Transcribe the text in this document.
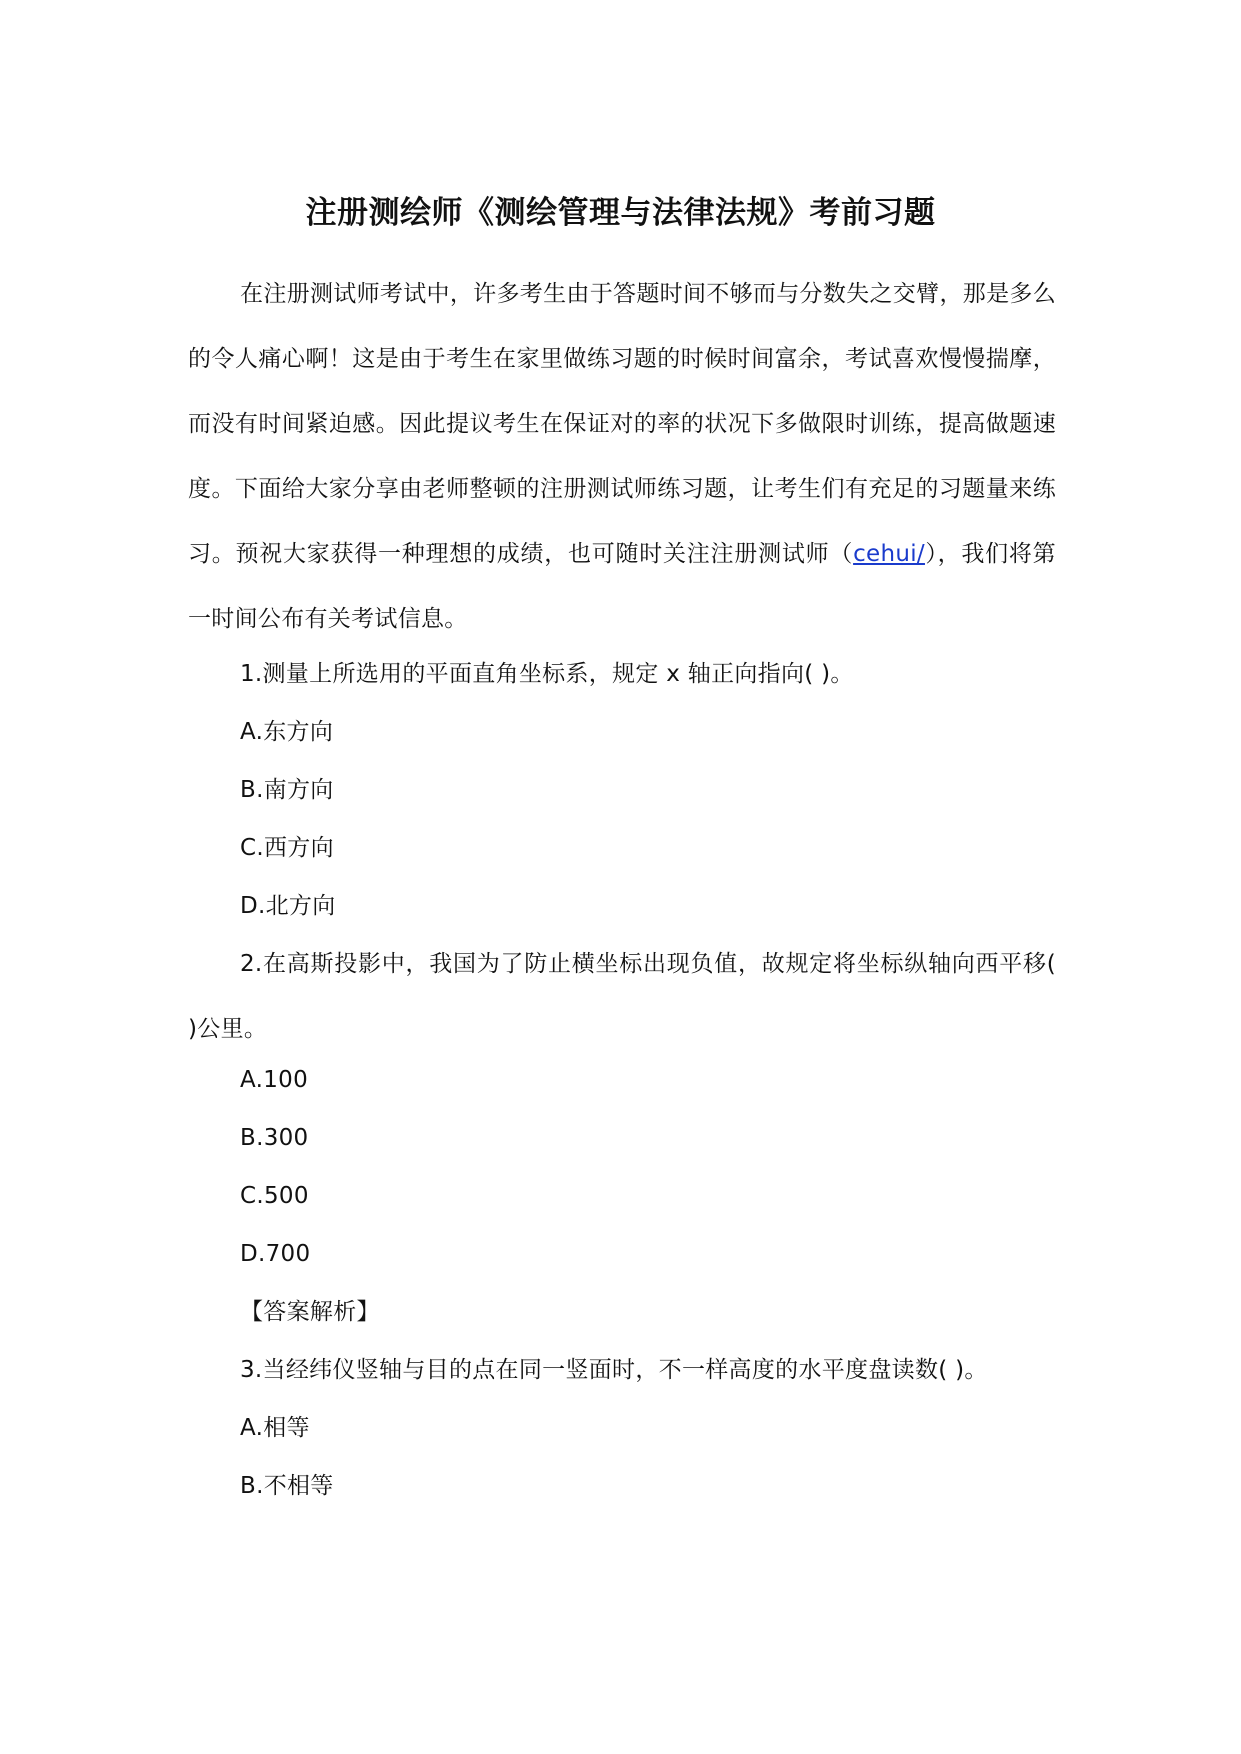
注册测绘师《测绘管理与法律法规》考前习题

在注册测试师考试中，许多考生由于答题时间不够而与分数失之交臂，那是多么的令人痛心啊！这是由于考生在家里做练习题的时候时间富余，考试喜欢慢慢揣摩，而没有时间紧迫感。因此提议考生在保证对的率的状况下多做限时训练，提高做题速度。下面给大家分享由老师整顿的注册测试师练习题，让考生们有充足的习题量来练习。预祝大家获得一种理想的成绩，也可随时关注注册测试师（cehui/），我们将第一时间公布有关考试信息。

1.测量上所选用的平面直角坐标系，规定 x 轴正向指向( )。

A.东方向

B.南方向

C.西方向

D.北方向

2.在高斯投影中，我国为了防止横坐标出现负值，故规定将坐标纵轴向西平移( )公里。

A.100

B.300

C.500

D.700

【答案解析】

3.当经纬仪竖轴与目的点在同一竖面时，不一样高度的水平度盘读数( )。

A.相等

B.不相等
